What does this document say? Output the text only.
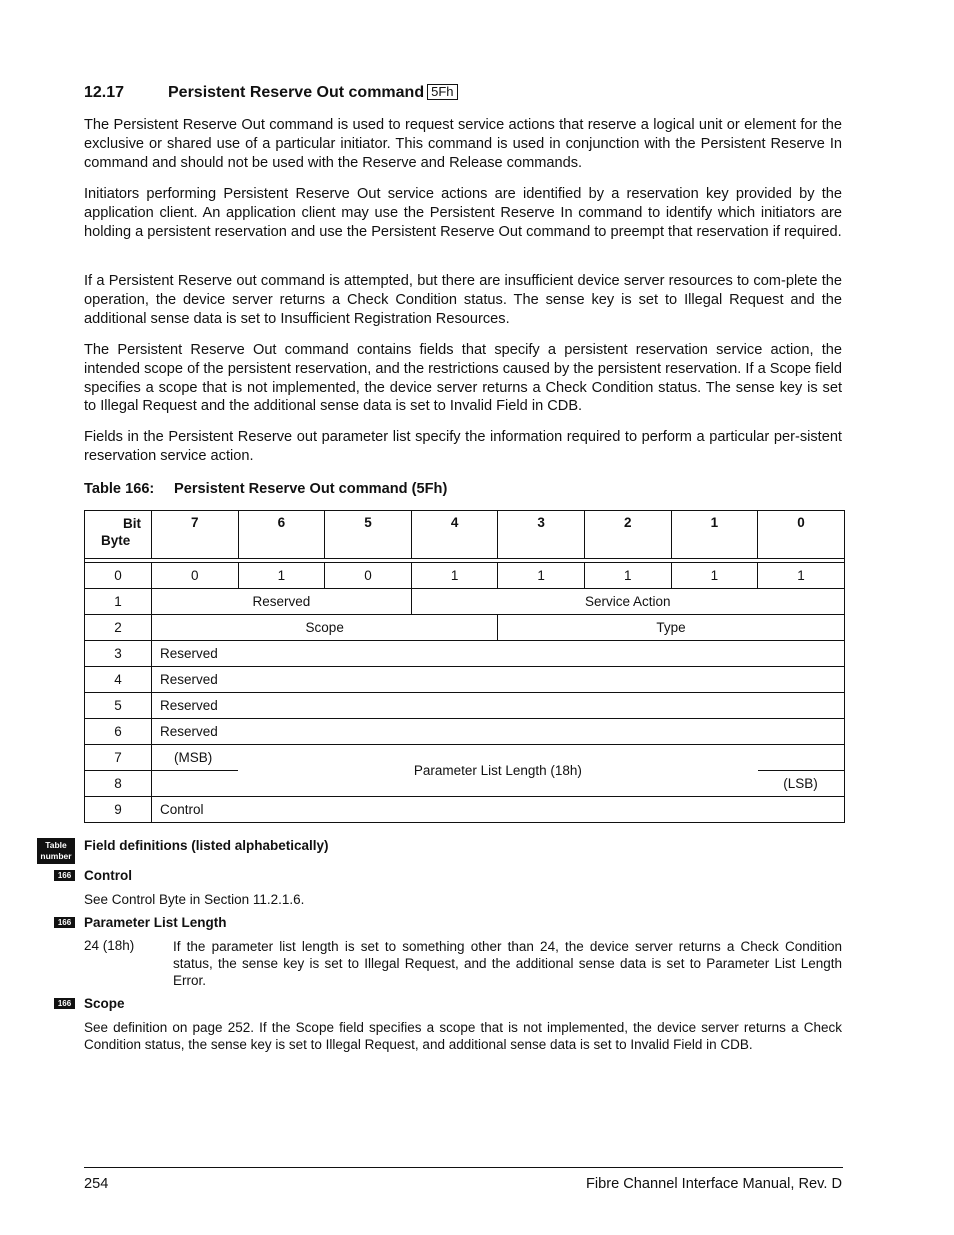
12.17	Persistent Reserve Out command 5Fh

The Persistent Reserve Out command is used to request service actions that reserve a logical unit or element for the exclusive or shared use of a particular initiator. This command is used in conjunction with the Persistent Reserve In command and should not be used with the Reserve and Release commands.

Initiators performing Persistent Reserve Out service actions are identified by a reservation key provided by the application client. An application client may use the Persistent Reserve In command to identify which initiators are holding a persistent reservation and use the Persistent Reserve Out command to preempt that reservation if required.

If a Persistent Reserve out command is attempted, but there are insufficient device server resources to com-plete the operation, the device server returns a Check Condition status. The sense key is set to Illegal Request and the additional sense data is set to Insufficient Registration Resources.

The Persistent Reserve Out command contains fields that specify a persistent reservation service action, the intended scope of the persistent reservation, and the restrictions caused by the persistent reservation. If a Scope field specifies a scope that is not implemented, the device server returns a Check Condition status. The sense key is set to Illegal Request and the additional sense data is set to Invalid Field in CDB.

Fields in the Persistent Reserve out parameter list specify the information required to perform a particular per-sistent reservation service action.

Table 166: Persistent Reserve Out command (5Fh)
Bit
Byte	7	6	5	4	3	2	1	0

0	0	1	0	1	1	1	1	1
1	Reserved			Service Action				
2	Scope				Type			
3	Reserved							
4	Reserved							
5	Reserved							
6	Reserved							
7	(MSB)	Parameter List Length (18h)						
8								(LSB)
9	Control							
Table
number
Field definitions (listed alphabetically)
166 Control

See Control Byte in Section 11.2.1.6.

166 Parameter List Length
24 (18h)	If the parameter list length is set to something other than 24, the device server returns a Check Condition status, the sense key is set to Illegal Request, and the additional sense data is set to Parameter List Length Error.

166 Scope

See definition on page 252. If the Scope field specifies a scope that is not implemented, the device server returns a Check Condition status, the sense key is set to Illegal Request, and additional sense data is set to Invalid Field in CDB.

254	Fibre Channel Interface Manual, Rev. D
